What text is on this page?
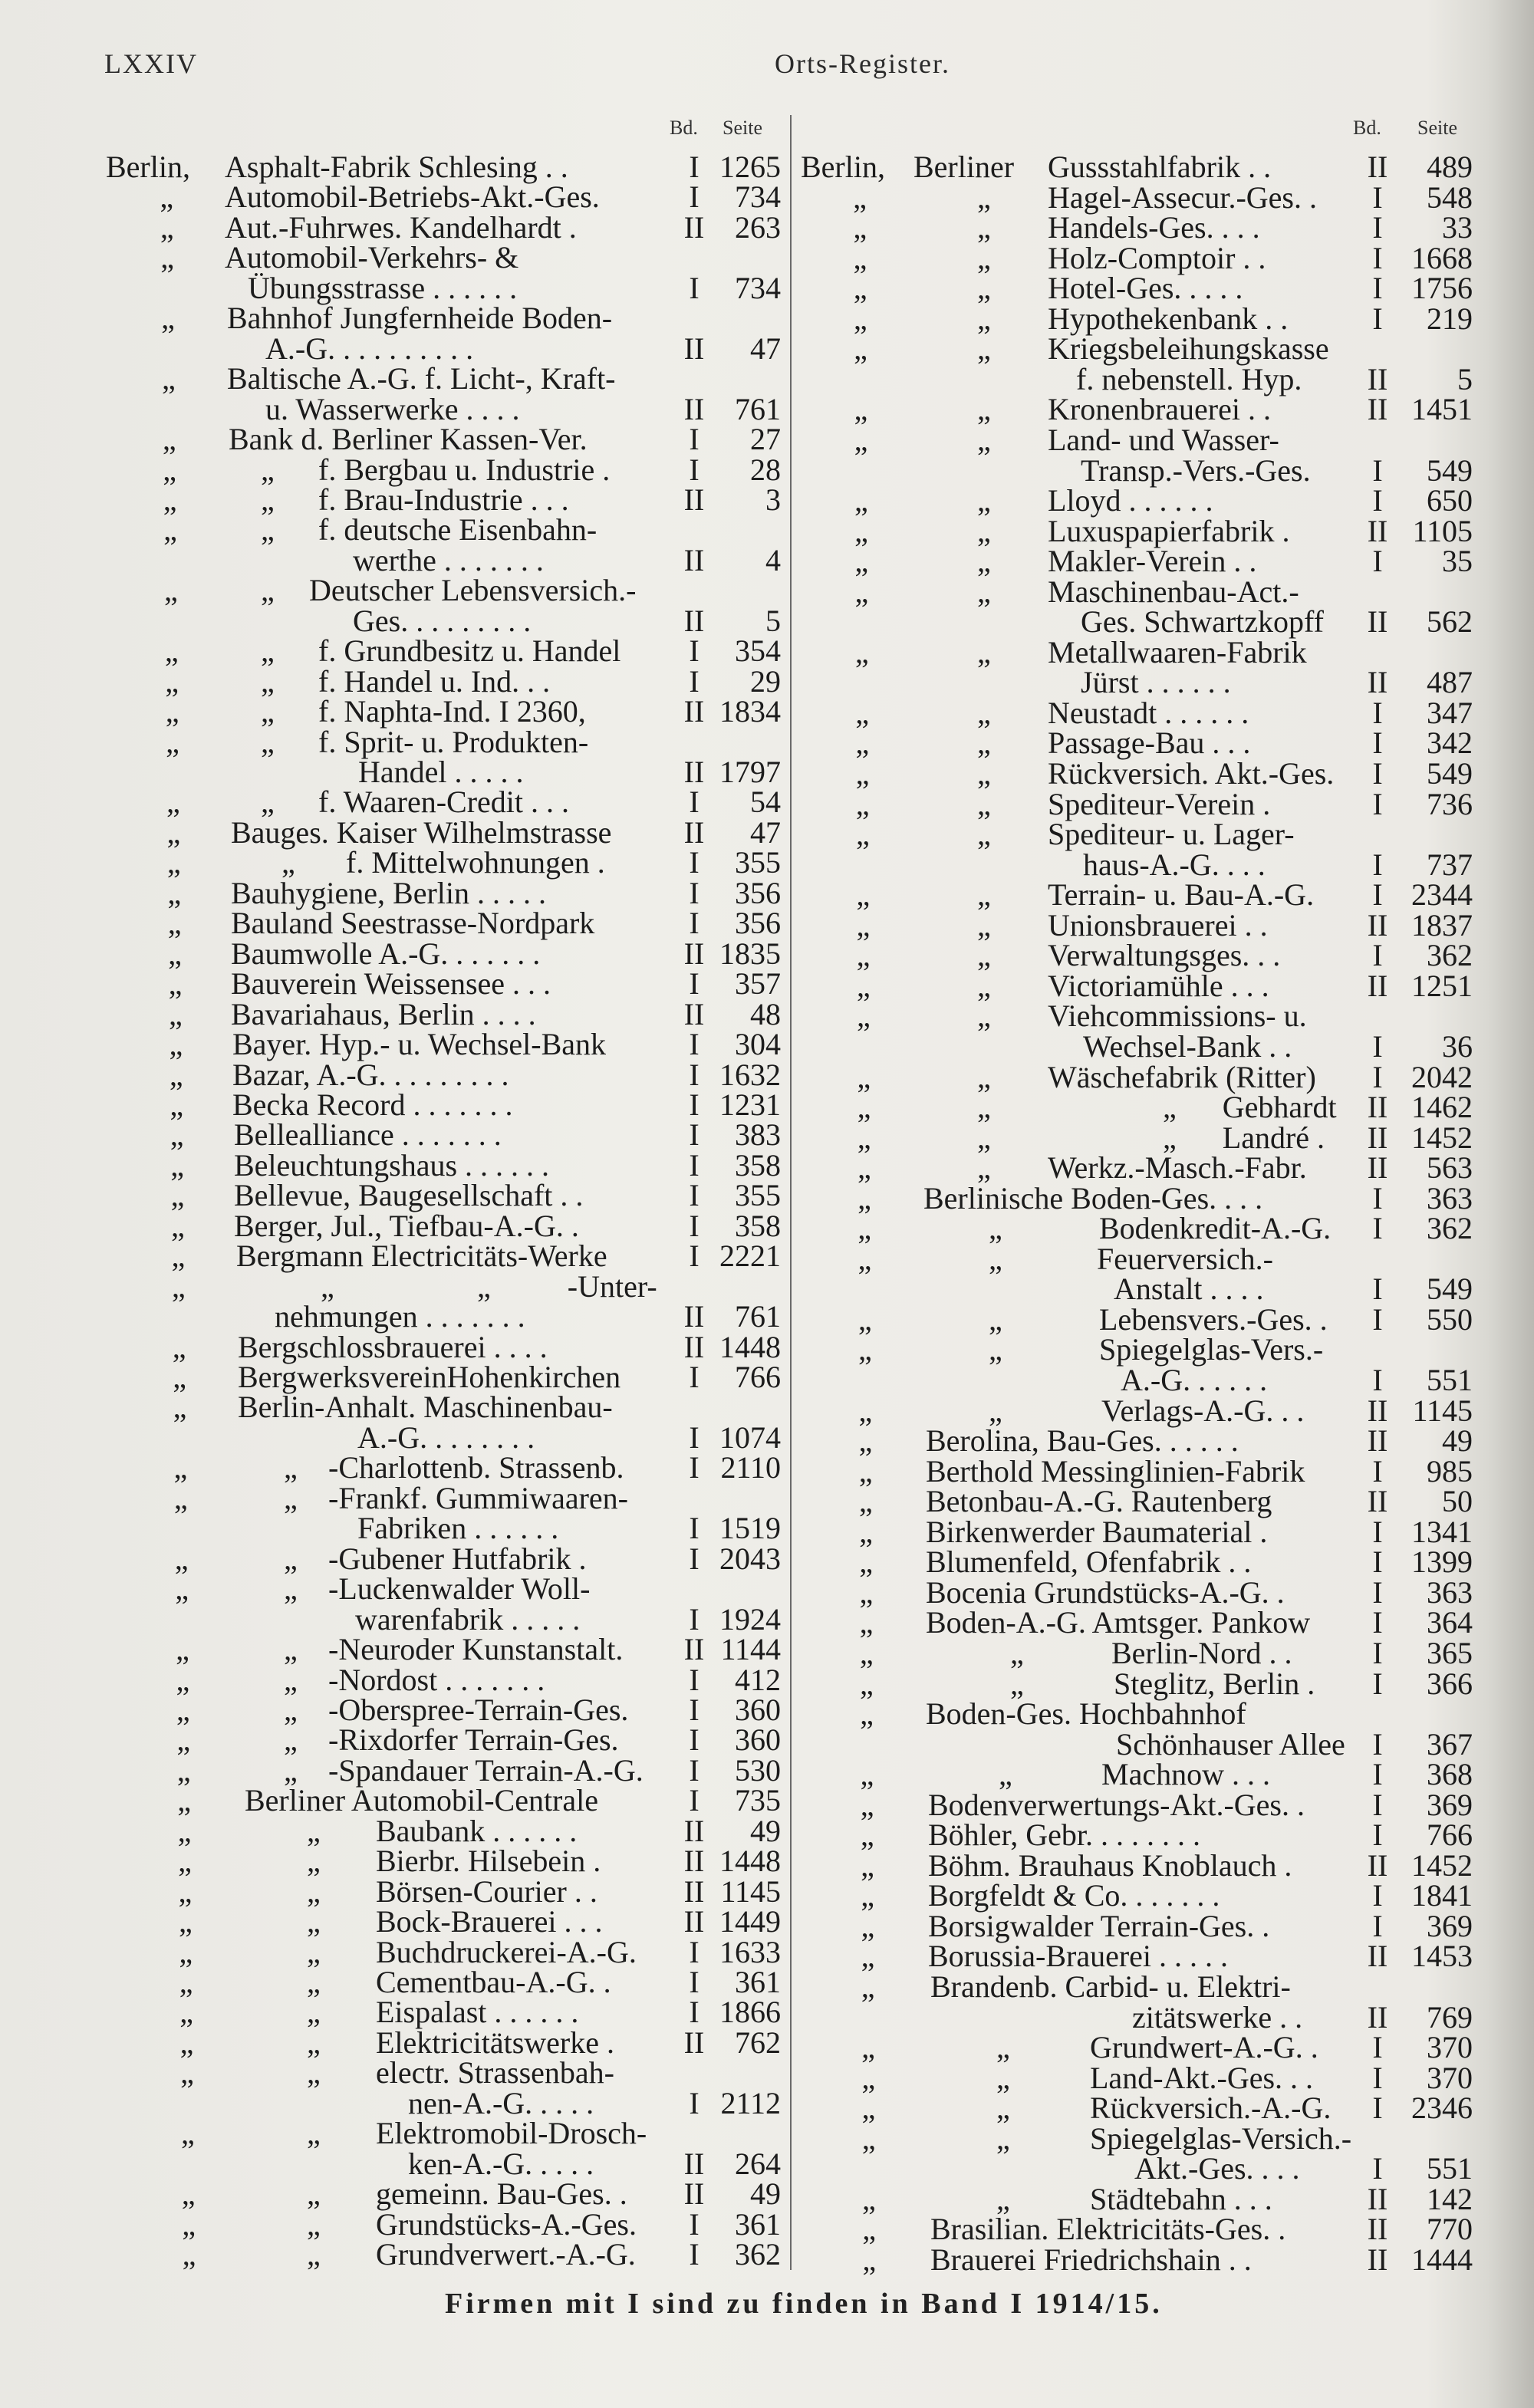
LXXIV	Orts-Register.
Bd. Seite	Bd. Seite
Berlin, Asphalt-Fabrik Schlesing . .	I 1265
„ Automobil-Betriebs-Akt.-Ges.	I	734
„ Aut.-Fuhrwes. Kandelhardt .	II 263
„ Automobil-Verkehrs- &
Übungsstrasse . . . . . .	I	734
„ Bahnhof Jungfernheide Boden-
A.-G. . . . . . . . . .	II	47
„ Baltische A.-G. f. Licht-, Kraft-
u. Wasserwerke . . . .	II 761
„ Bank d. Berliner Kassen-Ver.	I	27
„	„ f. Bergbau u. Industrie .	I	28
„	„ f. Brau-Industrie . . .	II	3
„	„ f. deutsche Eisenbahn-
werthe . . . . . . .	II	4
„	„ Deutscher Lebensversich.-
Ges. . . . . . . . .	II	5
„	„ f. Grundbesitz u. Handel	I	354
„	„ f. Handel u. Ind. . .	I	29
„	„ f. Naphta-Ind. I 2360,	II 1834
„	„ f. Sprit- u. Produkten-
Handel . . . . .	II 1797
„	„ f. Waaren-Credit . . .	I	54
„ Bauges. Kaiser Wilhelmstrasse	II	47
„	„ f. Mittelwohnungen .	I	355
„ Bauhygiene, Berlin . . . . .	I	356
„ Bauland Seestrasse-Nordpark	I	356
„ Baumwolle A.-G. . . . . . .	II 1835
„ Bauverein Weissensee . . .	I	357
„ Bavariahaus, Berlin . . . .	II	48
„ Bayer. Hyp.- u. Wechsel-Bank	I	304
„ Bazar, A.-G. . . . . . . . .	I 1632
„ Becka Record . . . . . . .	I 1231
„ Bellealliance . . . . . . .	I	383
„ Beleuchtungshaus . . . . . .	I	358
„ Bellevue, Baugesellschaft . .	I	355
„ Berger, Jul., Tiefbau-A.-G. .	I	358
„ Bergmann Electricitäts-Werke	I 2221
„	„	„          -Unter-
nehmungen . . . . . . .	II 761
„ Bergschlossbrauerei . . . .	II 1448
„ BergwerksvereinHohenkirchen	I	766
„ Berlin-Anhalt. Maschinenbau-
A.-G. . . . . . . .	I 1074
„	„ -Charlottenb. Strassenb.	I 2110
„	„ -Frankf. Gummiwaaren-
Fabriken . . . . . .	I 1519
„	„ -Gubener Hutfabrik .	I 2043
„	„ -Luckenwalder Woll-
warenfabrik . . . . .	I 1924
„	„ -Neuroder Kunstanstalt.	II 1144
„	„ -Nordost . . . . . . .	I	412
„	„ -Oberspree-Terrain-Ges.	I	360
„	„ -Rixdorfer Terrain-Ges.	I	360
„	„ -Spandauer Terrain-A.-G.	I	530
„ Berliner Automobil-Centrale	I	735
„	„ Baubank . . . . . .	II	49
„	„ Bierbr. Hilsebein .	II 1448
„	„ Börsen-Courier . .	II 1145
„	„ Bock-Brauerei . . .	II 1449
„	„ Buchdruckerei-A.-G.	I 1633
„	„ Cementbau-A.-G. .	I	361
„	„ Eispalast . . . . . .	I 1866
„	„ Elektricitätswerke .	II 762
„	„ electr. Strassenbah-
nen-A.-G. . . . .	I 2112
„	„ Elektromobil-Drosch-
ken-A.-G. . . . .	II 264
„	„ gemeinn. Bau-Ges. .	II	49
„	„ Grundstücks-A.-Ges.	I	361
„	„ Grundverwert.-A.-G.	I	362
Berlin, Berliner Gussstahlfabrik . .	II	489
„	„ Hagel-Assecur.-Ges. .	I	548
„	„ Handels-Ges. . . .	I	33
„	„ Holz-Comptoir . .	I 1668
„	„ Hotel-Ges. . . . .	I 1756
„	„ Hypothekenbank . .	I	219
„	„ Kriegsbeleihungskasse
f. nebenstell. Hyp.	II	5
„	„ Kronenbrauerei . .	II 1451
„	„ Land- und Wasser-
Transp.-Vers.-Ges.	I	549
„	„ Lloyd . . . . . .	I	650
„	„ Luxuspapierfabrik .	II 1105
„	„ Makler-Verein . .	I	35
„	„ Maschinenbau-Act.-
Ges. Schwartzkopff	II	562
„	„ Metallwaaren-Fabrik
Jürst . . . . . .	II	487
„	„ Neustadt . . . . . .	I	347
„	„ Passage-Bau . . .	I	342
„	„ Rückversich. Akt.-Ges.	I	549
„	„ Spediteur-Verein .	I	736
„	„ Spediteur- u. Lager-
haus-A.-G. . . .	I	737
„	„ Terrain- u. Bau-A.-G.	I 2344
„	„ Unionsbrauerei . .	II 1837
„	„ Verwaltungsges. . .	I	362
„	„ Victoriamühle . . .	II 1251
„	„ Viehcommissions- u.
Wechsel-Bank . .	I	36
„	„ Wäschefabrik (Ritter)	I 2042
„	„	„      Gebhardt	II 1462
„	„	„      Landré .	II 1452
„	„ Werkz.-Masch.-Fabr.	II	563
„ Berlinische Boden-Ges. . . .	I	363
„	„	Bodenkredit-A.-G.	I	362
„	„	Feuerversich.-
Anstalt . . . .	I	549
„	„	Lebensvers.-Ges. .	I	550
„	„	Spiegelglas-Vers.-
A.-G. . . . . .	I	551
„	„	Verlags-A.-G. . .	II 1145
„ Berolina, Bau-Ges. . . . . .	II	49
„ Berthold Messinglinien-Fabrik	I	985
„ Betonbau-A.-G. Rautenberg	II	50
„ Birkenwerder Baumaterial .	I 1341
„ Blumenfeld, Ofenfabrik . .	I 1399
„ Bocenia Grundstücks-A.-G. .	I	363
„ Boden-A.-G. Amtsger. Pankow	I	364
„	„	Berlin-Nord . .	I	365
„	„	Steglitz, Berlin .	I	366
„ Boden-Ges. Hochbahnhof
Schönhauser Allee I	367
„	„	Machnow . . .	I	368
„ Bodenverwertungs-Akt.-Ges. .	I	369
„ Böhler, Gebr. . . . . . . .	I	766
„ Böhm. Brauhaus Knoblauch .	II 1452
„ Borgfeldt & Co. . . . . . .	I 1841
„ Borsigwalder Terrain-Ges. .	I	369
„ Borussia-Brauerei . . . . .	II 1453
„ Brandenb. Carbid- u. Elektri-
zitätswerke . .	II	769
„	„	Grundwert-A.-G. .	I	370
„	„	Land-Akt.-Ges. . .	I	370
„	„	Rückversich.-A.-G.	I 2346
„	„	Spiegelglas-Versich.-
Akt.-Ges. . . .	I	551
„	„	Städtebahn . . .	II	142
„ Brasilian. Elektricitäts-Ges. .	II	770
„ Brauerei Friedrichshain . .	II 1444
Firmen mit I sind zu finden in Band I 1914/15.
